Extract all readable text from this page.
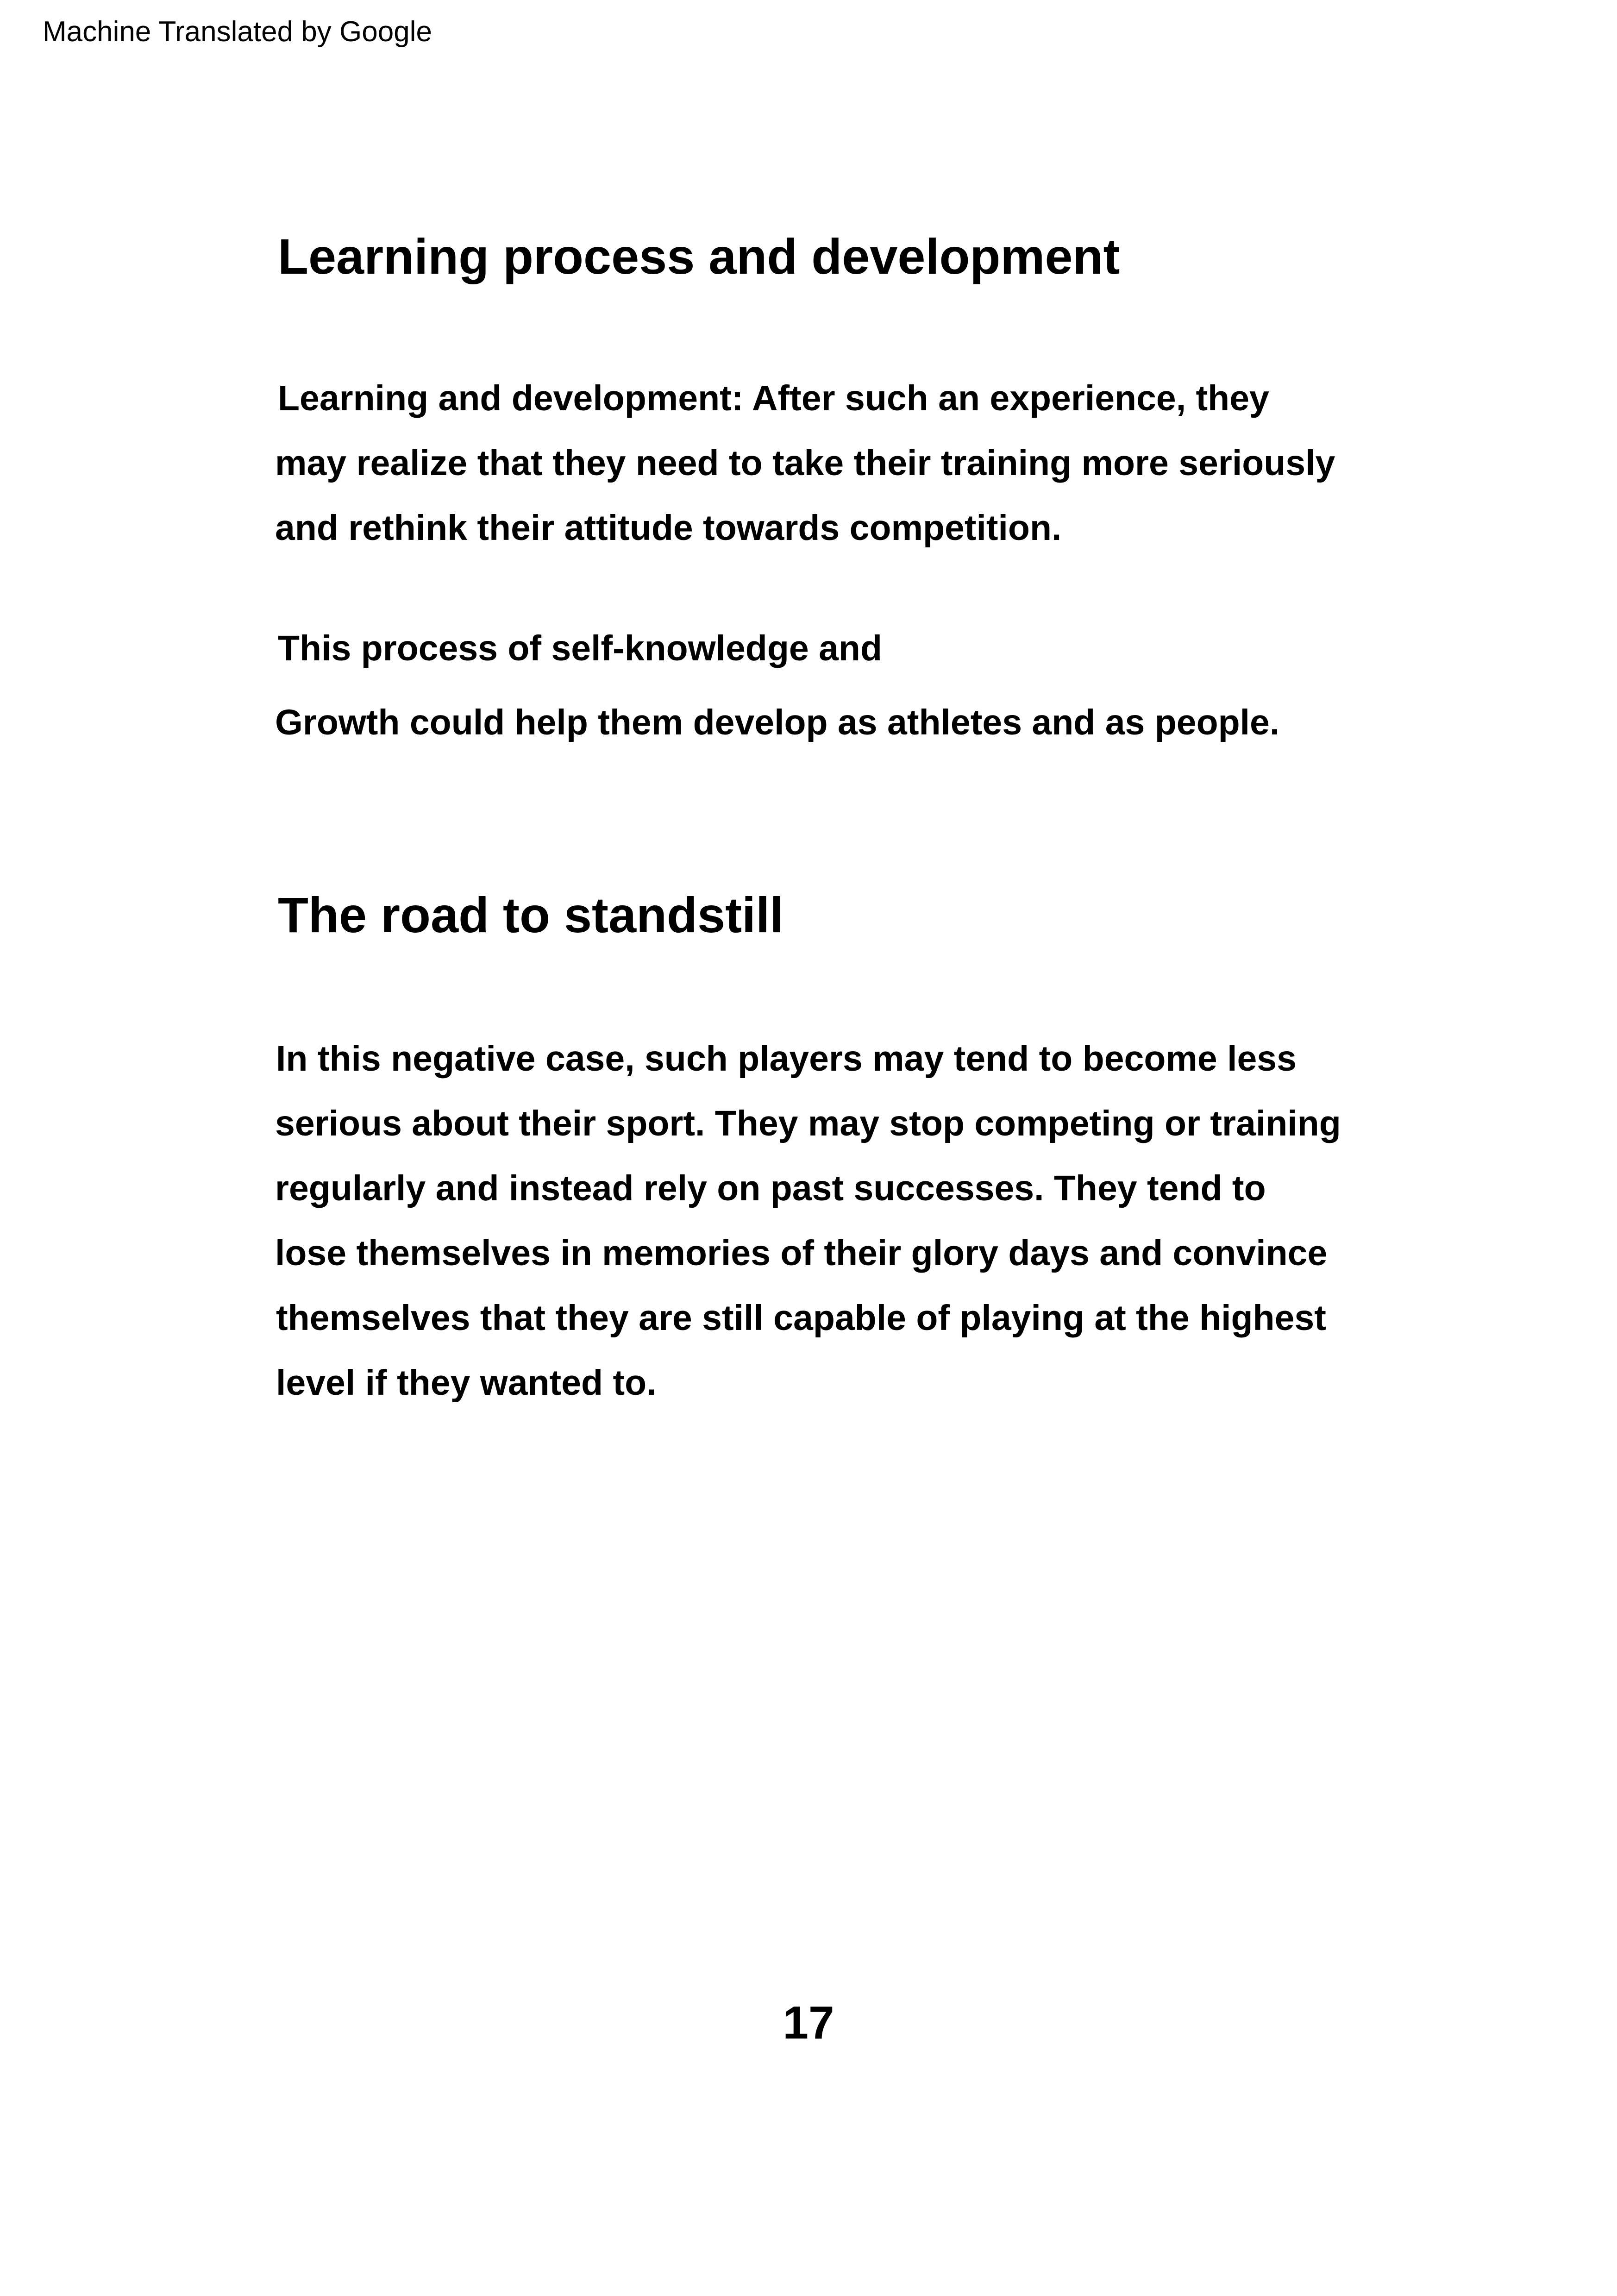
Machine Translated by Google
Learning process and development

Learning and development: After such an experience, they

may realize that they need to take their training more seriously

and rethink their attitude towards competition.

This process of self-knowledge and

Growth could help them develop as athletes and as people.

The road to standstill

In this negative case, such players may tend to become less

serious about their sport. They may stop competing or training

regularly and instead rely on past successes. They tend to

lose themselves in memories of their glory days and convince

themselves that they are still capable of playing at the highest

level if they wanted to.

17
